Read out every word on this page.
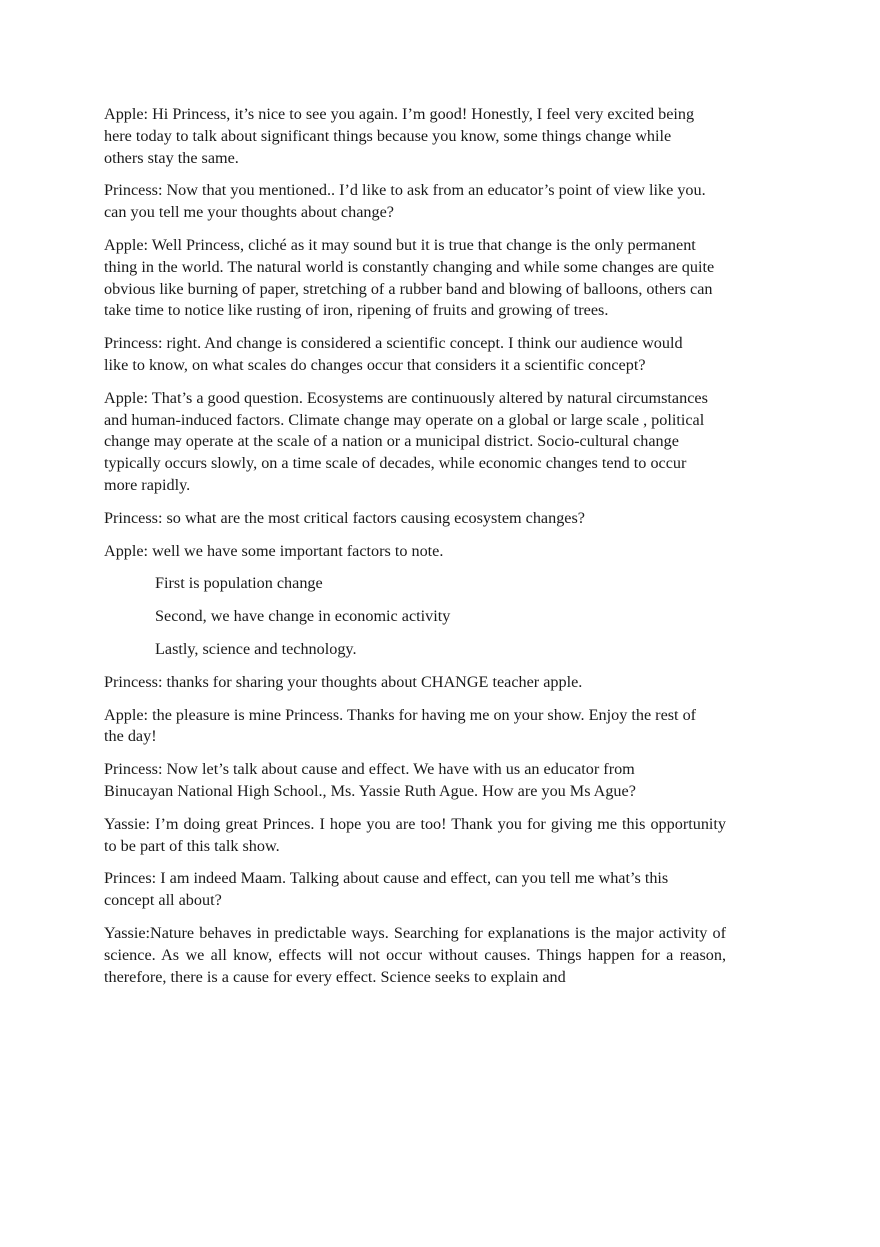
Apple: Hi Princess, it’s nice to see you again. I’m good! Honestly, I feel very excited being here today to talk about significant things because you know, some things change while others stay the same.

Princess: Now that you mentioned.. I’d like to ask from an educator’s point of view like you. can you tell me your thoughts about change?

Apple: Well Princess, cliché as it may sound but it is true that change is the only permanent thing in the world. The natural world is constantly changing and while some changes are quite obvious like burning of paper, stretching of a rubber band and blowing of balloons, others can take time to notice like rusting of iron, ripening of fruits and growing of trees.

Princess: right. And change is considered a scientific concept. I think our audience would like to know, on what scales do changes occur that considers it a scientific concept?

Apple: That’s a good question. Ecosystems are continuously altered by natural circumstances and human-induced factors. Climate change may operate on a global or large scale , political change may operate at the scale of a nation or a municipal district. Socio-cultural change typically occurs slowly, on a time scale of decades, while economic changes tend to occur more rapidly.

Princess: so what are the most critical factors causing ecosystem changes?

Apple: well we have some important factors to note.

First is population change

Second, we have change in economic activity

Lastly, science and technology.

Princess: thanks for sharing your thoughts about CHANGE teacher apple.

Apple: the pleasure is mine Princess. Thanks for having me on your show. Enjoy the rest of the day!

Princess: Now let’s talk about cause and effect. We have with us an educator from Binucayan National High School., Ms. Yassie Ruth Ague. How are you Ms Ague?

Yassie: I’m doing great Princes. I hope you are too! Thank you for giving me this opportunity to be part of this talk show.

Princes: I am indeed Maam. Talking about cause and effect, can you tell me what’s this concept all about?

Yassie:Nature behaves in predictable ways. Searching for explanations is the major activity of science. As we all know, effects will not occur without causes. Things happen for a reason, therefore, there is a cause for every effect. Science seeks to explain and
